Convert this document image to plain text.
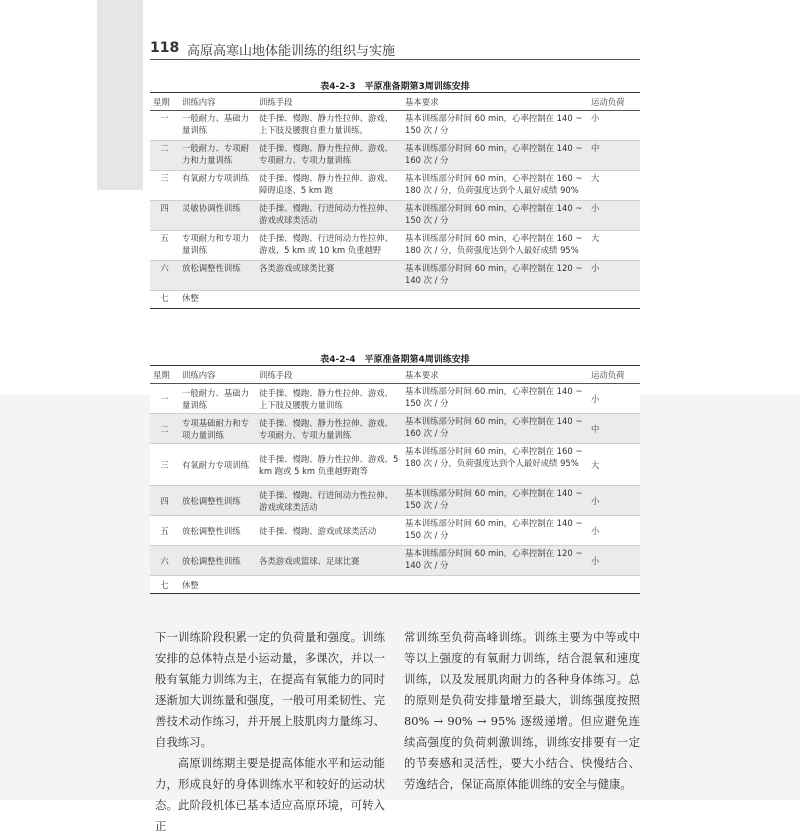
118 高原高寒山地体能训练的组织与实施
表4-2-3　平原准备期第3周训练安排
星期	训练内容	训练手段	基本要求	运动负荷
一	一般耐力、基础力量训练	徒手操、慢跑、静力性拉伸、游戏、上下肢及腰腹自重力量训练。	基本训练部分时间 60 min，心率控制在 140 ~ 150 次 / 分	小
二	一般耐力、专项耐力和力量训练	徒手操、慢跑、静力性拉伸、游戏、专项耐力、专项力量训练	基本训练部分时间 60 min，心率控制在 140 ~ 160 次 / 分	中
三	有氧耐力专项训练	徒手操、慢跑、静力性拉伸、游戏、障碍追逐、5 km 跑	基本训练部分时间 60 min，心率控制在 160 ~ 180 次 / 分，负荷强度达到个人最好成绩 90%	大
四	灵敏协调性训练	徒手操、慢跑、行进间动力性拉伸、游戏或球类活动	基本训练部分时间 60 min，心率控制在 140 ~ 150 次 / 分	小
五	专项耐力和专项力量训练	徒手操、慢跑、行进间动力性拉伸、游戏、5 km 或 10 km 负重越野	基本训练部分时间 60 min，心率控制在 160 ~ 180 次 / 分，负荷强度达到个人最好成绩 95%	大
六	放松调整性训练	各类游戏或球类比赛	基本训练部分时间 60 min，心率控制在 120 ~ 140 次 / 分	小
七	休整			
表4-2-4　平原准备期第4周训练安排
星期	训练内容	训练手段	基本要求	运动负荷
一	一般耐力、基础力量训练	徒手操、慢跑、静力性拉伸、游戏、上下肢及腰腹力量训练	基本训练部分时间 60 min，心率控制在 140 ~ 150 次 / 分	小
二	专项基础耐力和专项力量训练	徒手操、慢跑、静力性拉伸、游戏、专项耐力、专项力量训练	基本训练部分时间 60 min，心率控制在 140 ~ 160 次 / 分	中
三	有氧耐力专项训练	徒手操、慢跑、静力性拉伸、游戏、5 km 跑或 5 km 负重越野跑等	基本训练部分时间 60 min，心率控制在 160 ~ 180 次 / 分，负荷强度达到个人最好成绩 95%	大
四	放松调整性训练	徒手操、慢跑、行进间动力性拉伸、游戏或球类活动	基本训练部分时间 60 min，心率控制在 140 ~ 150 次 / 分	小
五	放松调整性训练	徒手操、慢跑、游戏或球类活动	基本训练部分时间 60 min，心率控制在 140 ~ 150 次 / 分	小
六	放松调整性训练	各类游戏或篮球、足球比赛	基本训练部分时间 60 min，心率控制在 120 ~ 140 次 / 分	小
七	休整			

下一训练阶段积累一定的负荷量和强度。训练安排的总体特点是小运动量，多课次，并以一般有氧能力训练为主，在提高有氧能力的同时逐渐加大训练量和强度，一般可用柔韧性、完善技术动作练习，并开展上肢肌肉力量练习、自我练习。

高原训练期主要是提高体能水平和运动能力，形成良好的身体训练水平和较好的运动状态。此阶段机体已基本适应高原环境，可转入正

常训练至负荷高峰训练。训练主要为中等或中等以上强度的有氧耐力训练，结合混氧和速度训练，以及发展肌肉耐力的各种身体练习。总的原则是负荷安排量增至最大，训练强度按照 80% → 90% → 95% 逐级递增。但应避免连续高强度的负荷刺激训练，训练安排要有一定的节奏感和灵活性，要大小结合、快慢结合、劳逸结合，保证高原体能训练的安全与健康。
